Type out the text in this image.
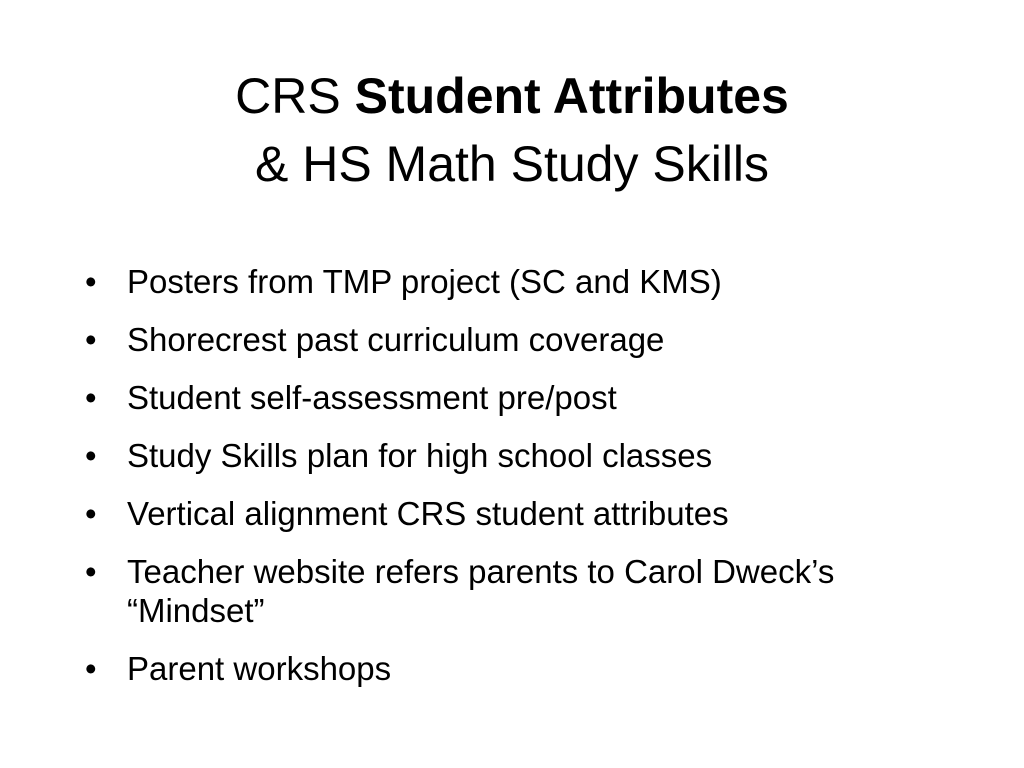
CRS Student Attributes
& HS Math Study Skills
• Posters from TMP project (SC and KMS)
• Shorecrest past curriculum coverage
• Student self-assessment pre/post
• Study Skills plan for high school classes
• Vertical alignment CRS student attributes
• Teacher website refers parents to Carol Dweck’s “Mindset”
• Parent workshops
